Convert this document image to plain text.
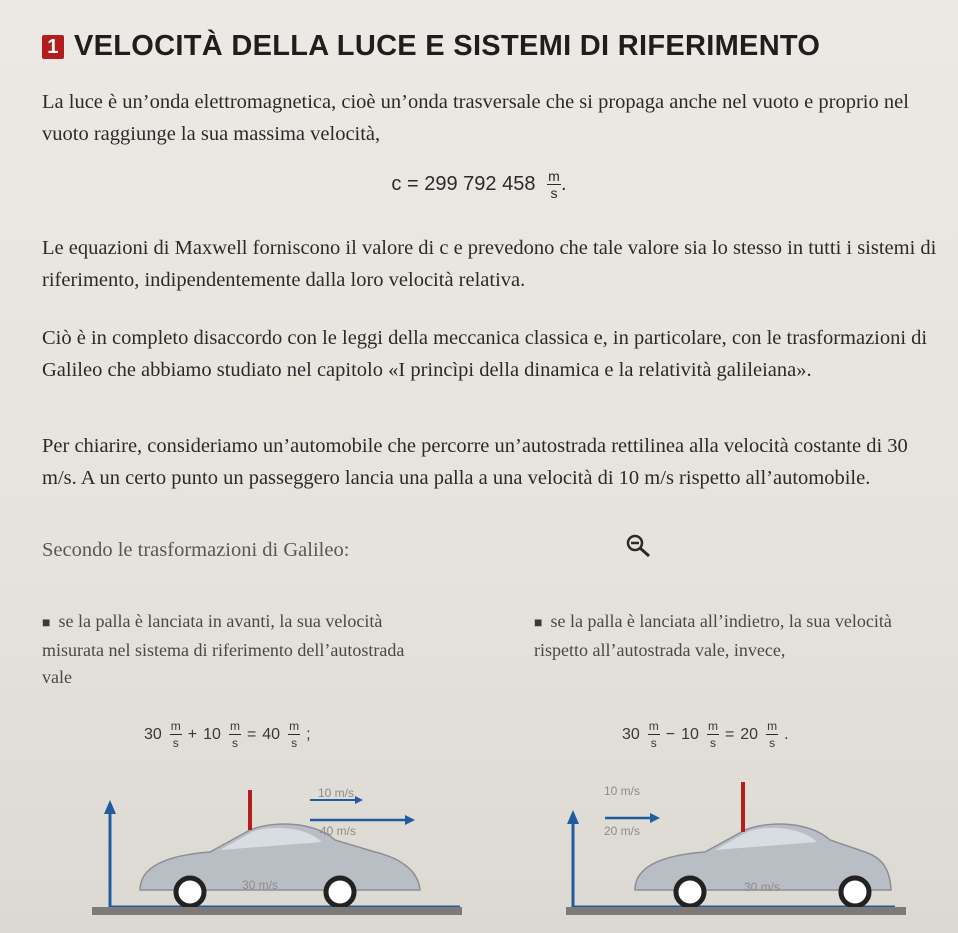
1 VELOCITÀ DELLA LUCE E SISTEMI DI RIFERIMENTO

La luce è un’onda elettromagnetica, cioè un’onda trasversale che si propaga anche nel vuoto e proprio nel vuoto raggiunge la sua massima velocità,

c = 299 792 $458 \frac{m}{s}$ .

Le equazioni di Maxwell forniscono il valore di c e prevedono che tale valore sia lo stesso in tutti i sistemi di riferimento, indipendentemente dalla loro velocità relativa.

Ciò è in completo disaccordo con le leggi della meccanica classica e, in particolare, con le trasformazioni di Galileo che abbiamo studiato nel capitolo «I princìpi della dinamica e la relatività galileiana».

Per chiarire, consideriamo un’automobile che percorre un’autostrada rettilinea alla velocità costante di 30 m/s. A un certo punto un passeggero lancia una palla a una velocità di 10 m/s rispetto all’automobile.

Secondo le trasformazioni di Galileo:

■ se la palla è lanciata in avanti, la sua velocità misurata nel sistema di riferimento dell’autostrada vale
$30 \frac{m}{s} + 10 \frac{m}{s} = 40 \frac{m}{s}$ ;
■ se la palla è lanciata all’indietro, la sua velocità rispetto all’autostrada vale, invece,
$30 \frac{m}{s} - 10 \frac{m}{s} = 20 \frac{m}{s}$ .
10 m/s
40 m/s
30 m/s
10 m/s
20 m/s
30 m/s
